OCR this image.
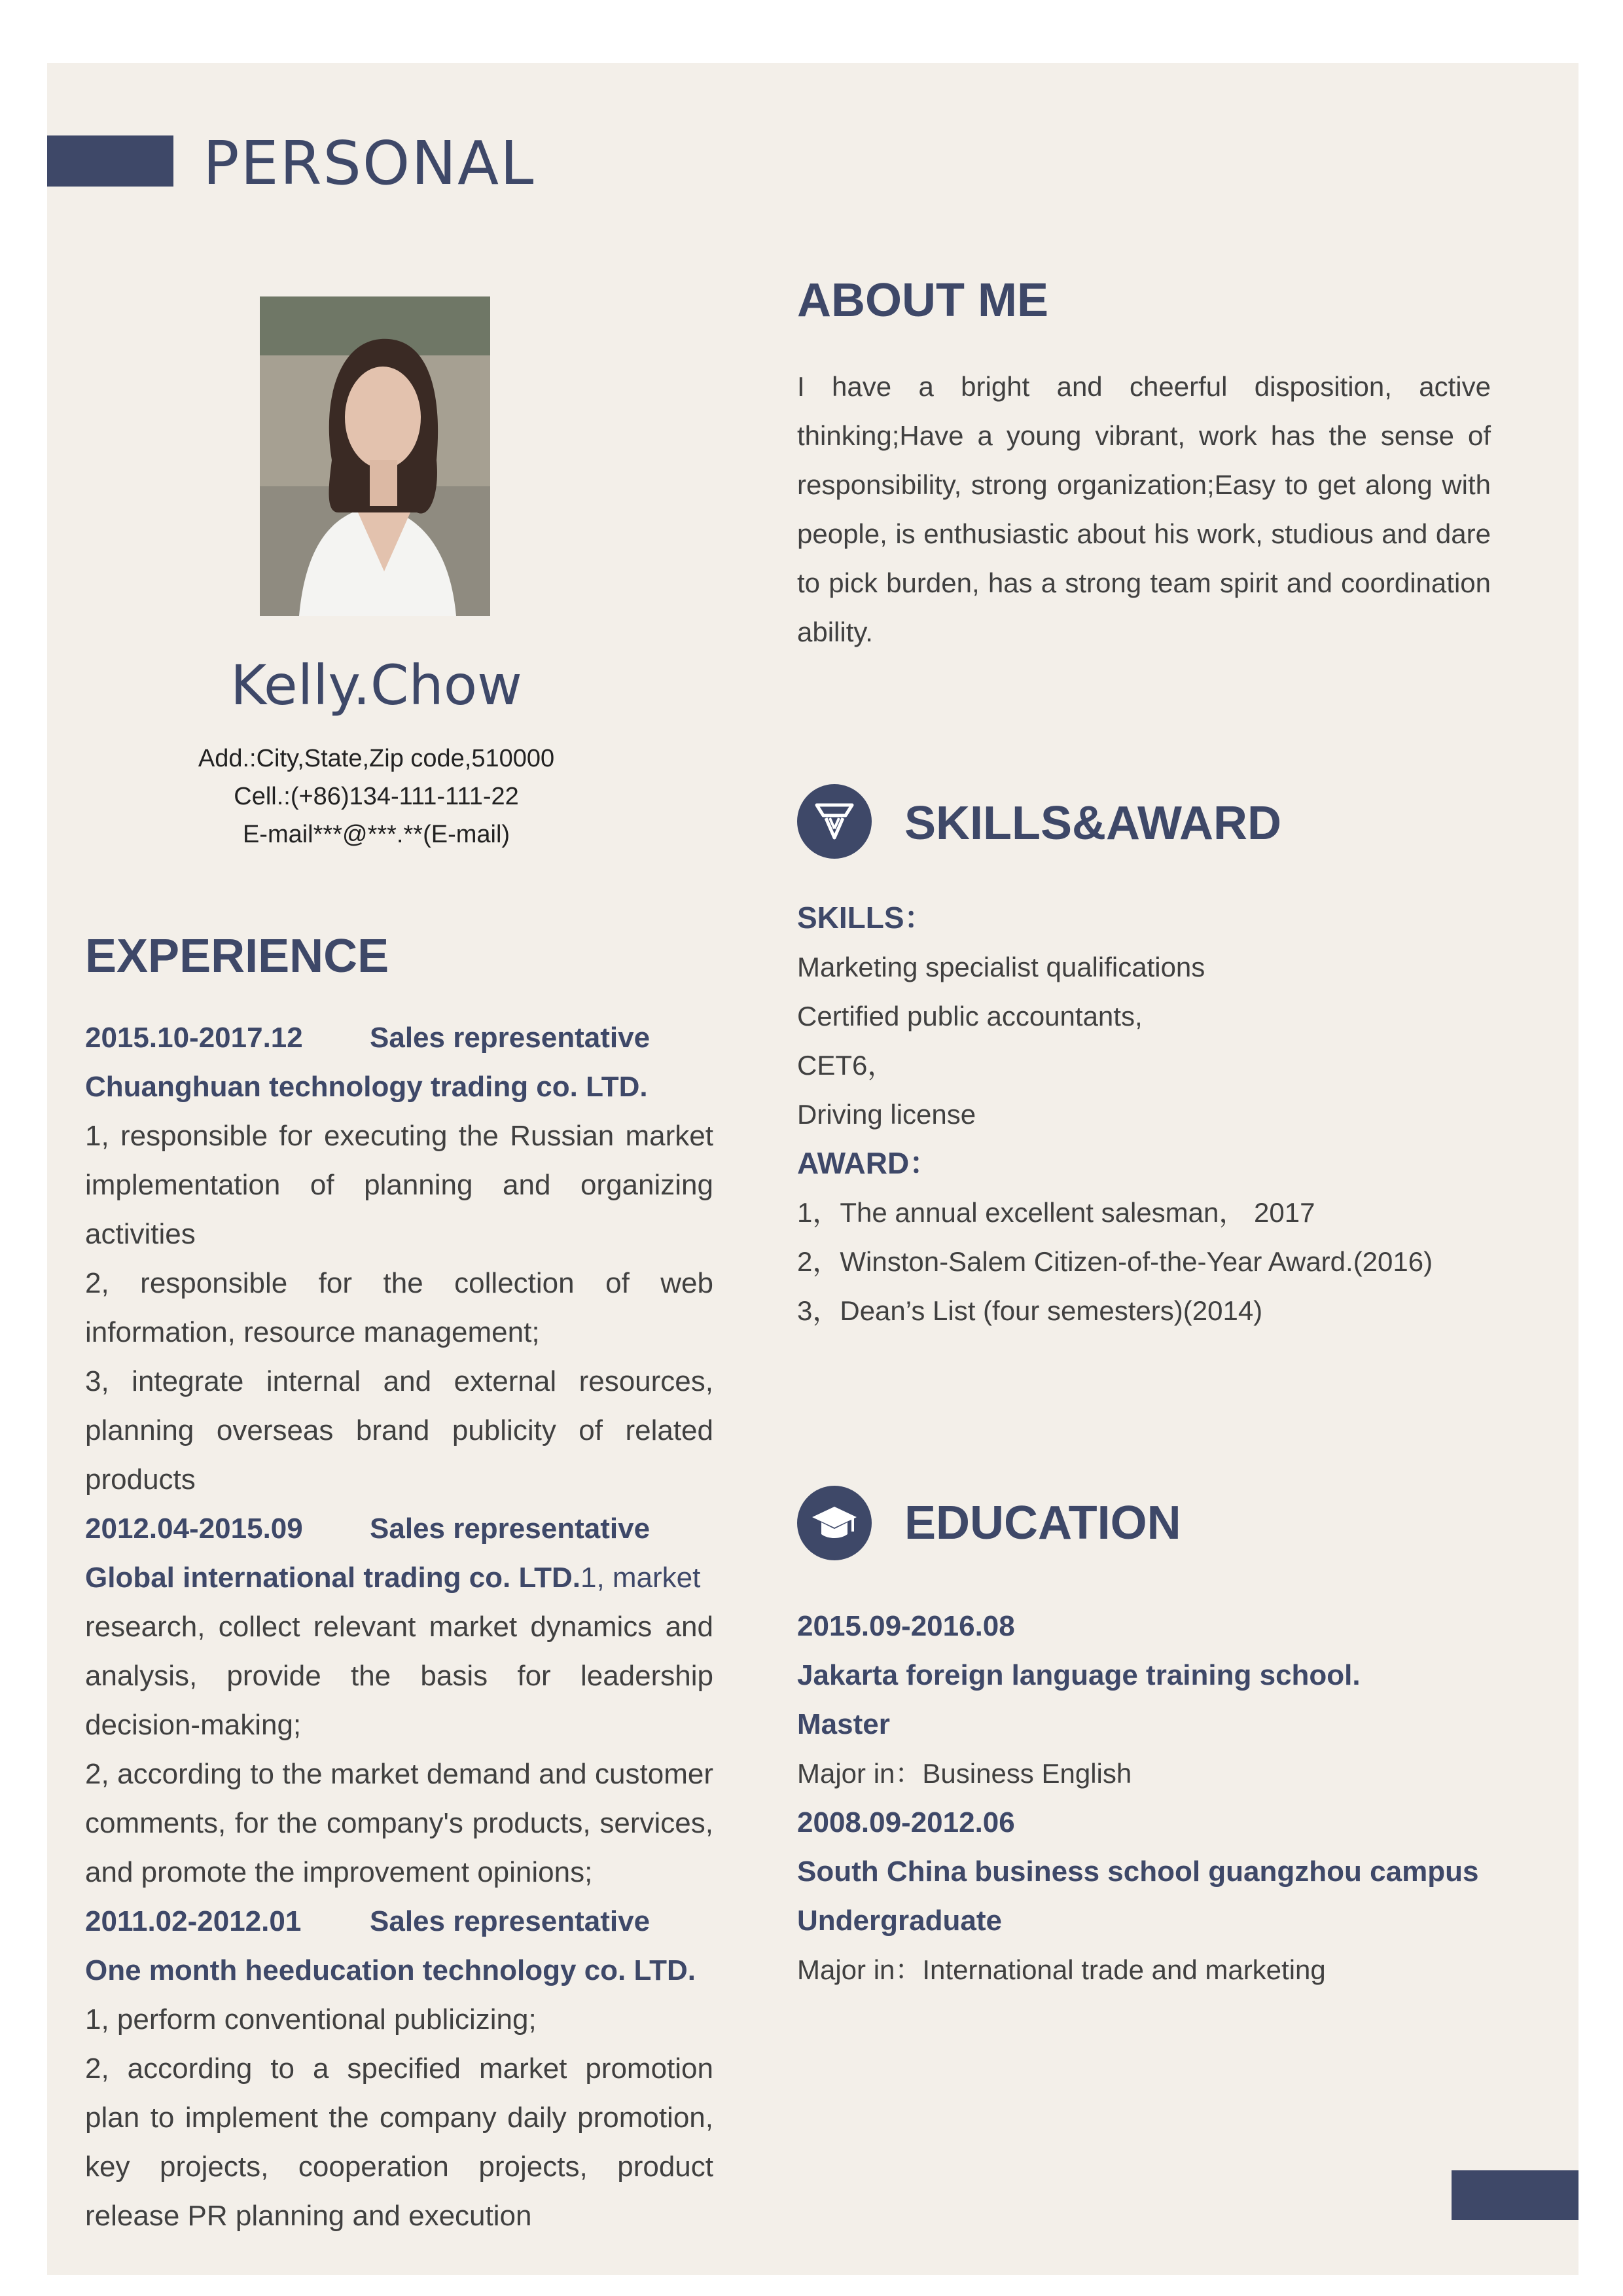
PERSONAL
Kelly.Chow
Add.:City,State,Zip code,510000
Cell.:(+86)134-111-111-22
E-mail***@***.**(E-mail)
EXPERIENCE
2015.10-2017.12	Sales representative
Chuanghuan technology trading co. LTD.
1, responsible for executing the Russian market implementation of planning and organizing activities
2, responsible for the collection of web information, resource management;
3, integrate internal and external resources, planning overseas brand publicity of related products
2012.04-2015.09	Sales representative
Global international trading co. LTD.1, market
research, collect relevant market dynamics and analysis, provide the basis for leadership decision-making;
2, according to the market demand and customer comments, for the company's products, services, and promote the improvement opinions;
2011.02-2012.01	Sales representative
One month heeducation technology co. LTD.
1, perform conventional publicizing;
2, according to a specified market promotion plan to implement the company daily promotion, key projects, cooperation projects, product release PR planning and execution
ABOUT ME
I have a bright and cheerful disposition, active thinking;Have a young vibrant, work has the sense of responsibility, strong organization;Easy to get along with people, is enthusiastic about his work, studious and dare to pick burden, has a strong team spirit and coordination ability.
SKILLS&AWARD
SKILLS：
Marketing specialist qualifications
Certified public accountants,
CET6，
Driving license
AWARD：
1，The annual excellent salesman， 2017
2，Winston-Salem Citizen-of-the-Year Award.(2016)
3，Dean’s List (four semesters)(2014)
EDUCATION
2015.09-2016.08
Jakarta foreign language training school.
Master
Major in：Business English
2008.09-2012.06
South China business school guangzhou campus
Undergraduate
Major in：International trade and marketing
